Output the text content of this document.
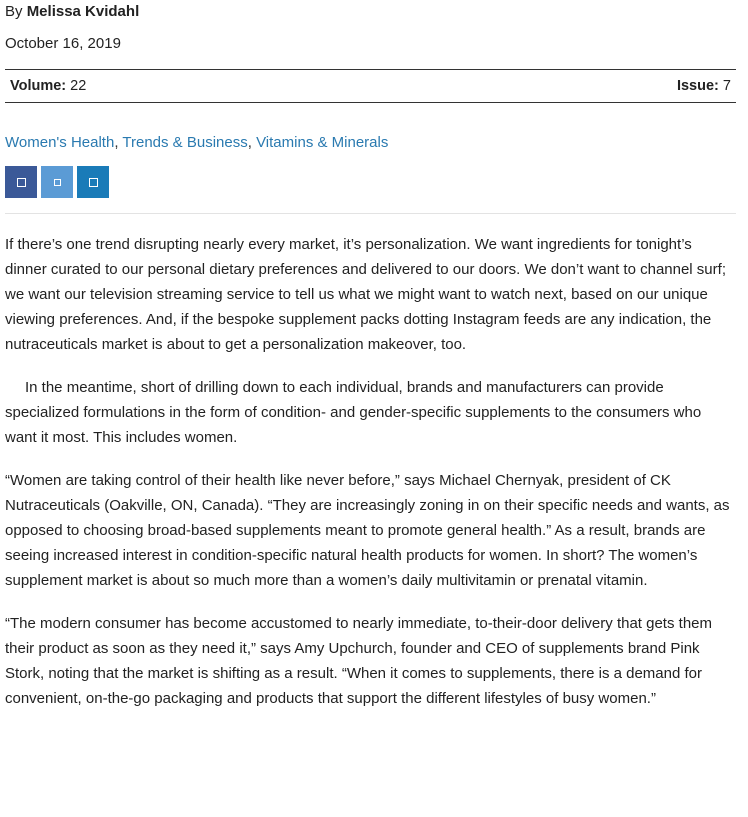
By Melissa Kvidahl
October 16, 2019
Volume: 22	Issue: 7
Women's Health, Trends & Business, Vitamins & Minerals

If there’s one trend disrupting nearly every market, it’s personalization. We want ingredients for tonight’s dinner curated to our personal dietary preferences and delivered to our doors. We don’t want to channel surf; we want our television streaming service to tell us what we might want to watch next, based on our unique viewing preferences. And, if the bespoke supplement packs dotting Instagram feeds are any indication, the nutraceuticals market is about to get a personalization makeover, too.

In the meantime, short of drilling down to each individual, brands and manufacturers can provide specialized formulations in the form of condition- and gender-specific supplements to the consumers who want it most. This includes women.

“Women are taking control of their health like never before,” says Michael Chernyak, president of CK Nutraceuticals (Oakville, ON, Canada). “They are increasingly zoning in on their specific needs and wants, as opposed to choosing broad-based supplements meant to promote general health.” As a result, brands are seeing increased interest in condition-specific natural health products for women. In short? The women’s supplement market is about so much more than a women’s daily multivitamin or prenatal vitamin.

“The modern consumer has become accustomed to nearly immediate, to-their-door delivery that gets them their product as soon as they need it,” says Amy Upchurch, founder and CEO of supplements brand Pink Stork, noting that the market is shifting as a result. “When it comes to supplements, there is a demand for convenient, on-the-go packaging and products that support the different lifestyles of busy women.”
